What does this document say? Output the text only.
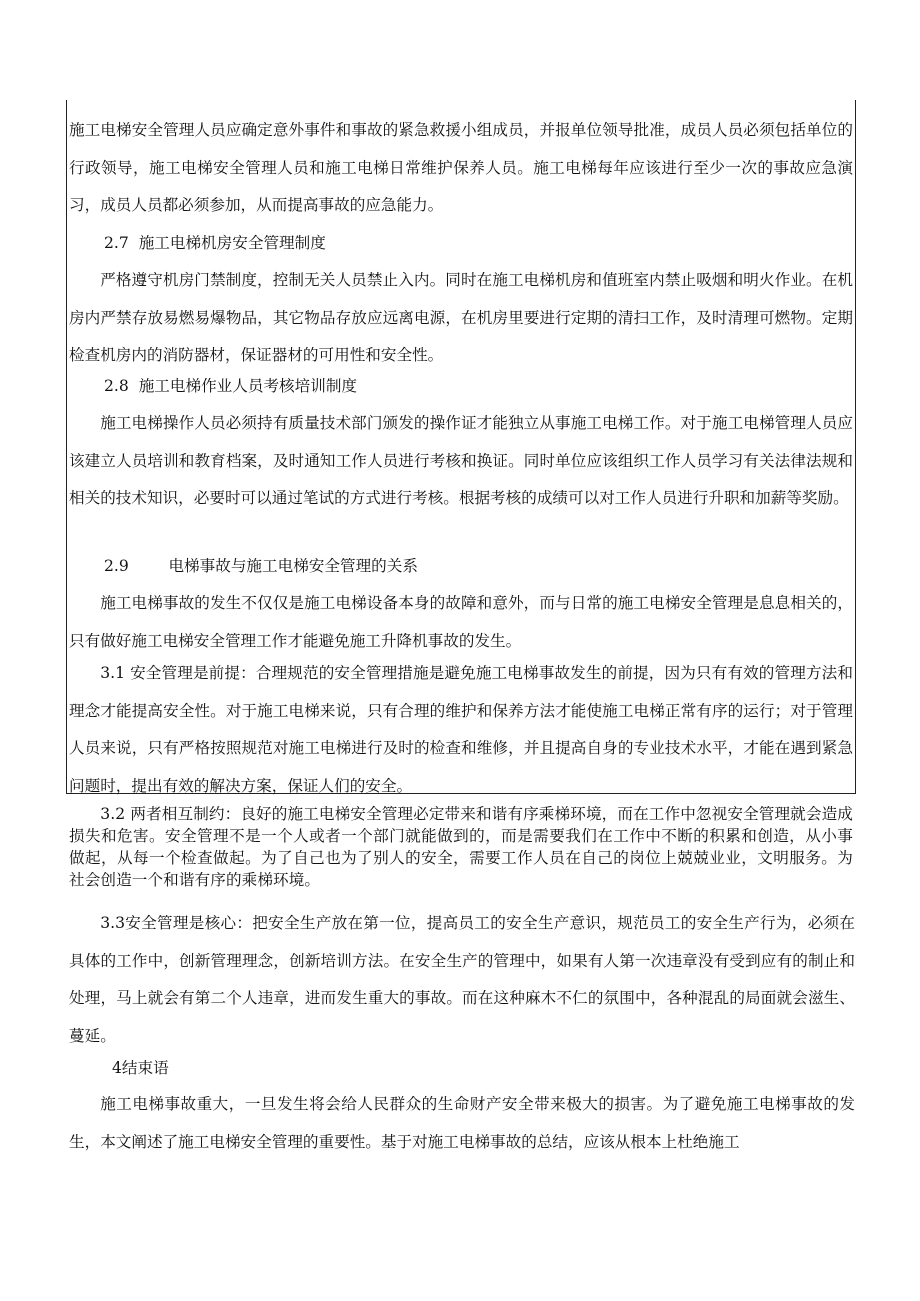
施工电梯安全管理人员应确定意外事件和事故的紧急救援小组成员，并报单位领导批准，成员人员必须包括单位的行政领导，施工电梯安全管理人员和施工电梯日常维护保养人员。施工电梯每年应该进行至少一次的事故应急演习，成员人员都必须参加，从而提高事故的应急能力。

2.7  施工电梯机房安全管理制度

严格遵守机房门禁制度，控制无关人员禁止入内。同时在施工电梯机房和值班室内禁止吸烟和明火作业。在机房内严禁存放易燃易爆物品，其它物品存放应远离电源，在机房里要进行定期的清扫工作，及时清理可燃物。定期检查机房内的消防器材，保证器材的可用性和安全性。

2.8  施工电梯作业人员考核培训制度

施工电梯操作人员必须持有质量技术部门颁发的操作证才能独立从事施工电梯工作。对于施工电梯管理人员应该建立人员培训和教育档案，及时通知工作人员进行考核和换证。同时单位应该组织工作人员学习有关法律法规和相关的技术知识，必要时可以通过笔试的方式进行考核。根据考核的成绩可以对工作人员进行升职和加薪等奖励。

2.9        电梯事故与施工电梯安全管理的关系

施工电梯事故的发生不仅仅是施工电梯设备本身的故障和意外，而与日常的施工电梯安全管理是息息相关的，只有做好施工电梯安全管理工作才能避免施工升降机事故的发生。

3.1 安全管理是前提：合理规范的安全管理措施是避免施工电梯事故发生的前提，因为只有有效的管理方法和理念才能提高安全性。对于施工电梯来说，只有合理的维护和保养方法才能使施工电梯正常有序的运行；对于管理人员来说，只有严格按照规范对施工电梯进行及时的检查和维修，并且提高自身的专业技术水平，才能在遇到紧急问题时，提出有效的解决方案，保证人们的安全。

3.2 两者相互制约：良好的施工电梯安全管理必定带来和谐有序乘梯环境，而在工作中忽视安全管理就会造成损失和危害。安全管理不是一个人或者一个部门就能做到的，而是需要我们在工作中不断的积累和创造，从小事做起，从每一个检查做起。为了自己也为了别人的安全，需要工作人员在自己的岗位上兢兢业业，文明服务。为社会创造一个和谐有序的乘梯环境。

3.3安全管理是核心：把安全生产放在第一位，提高员工的安全生产意识，规范员工的安全生产行为，必须在具体的工作中，创新管理理念，创新培训方法。在安全生产的管理中，如果有人第一次违章没有受到应有的制止和处理，马上就会有第二个人违章，进而发生重大的事故。而在这种麻木不仁的氛围中，各种混乱的局面就会滋生、蔓延。

4结束语

施工电梯事故重大，一旦发生将会给人民群众的生命财产安全带来极大的损害。为了避免施工电梯事故的发生，本文阐述了施工电梯安全管理的重要性。基于对施工电梯事故的总结，应该从根本上杜绝施工
